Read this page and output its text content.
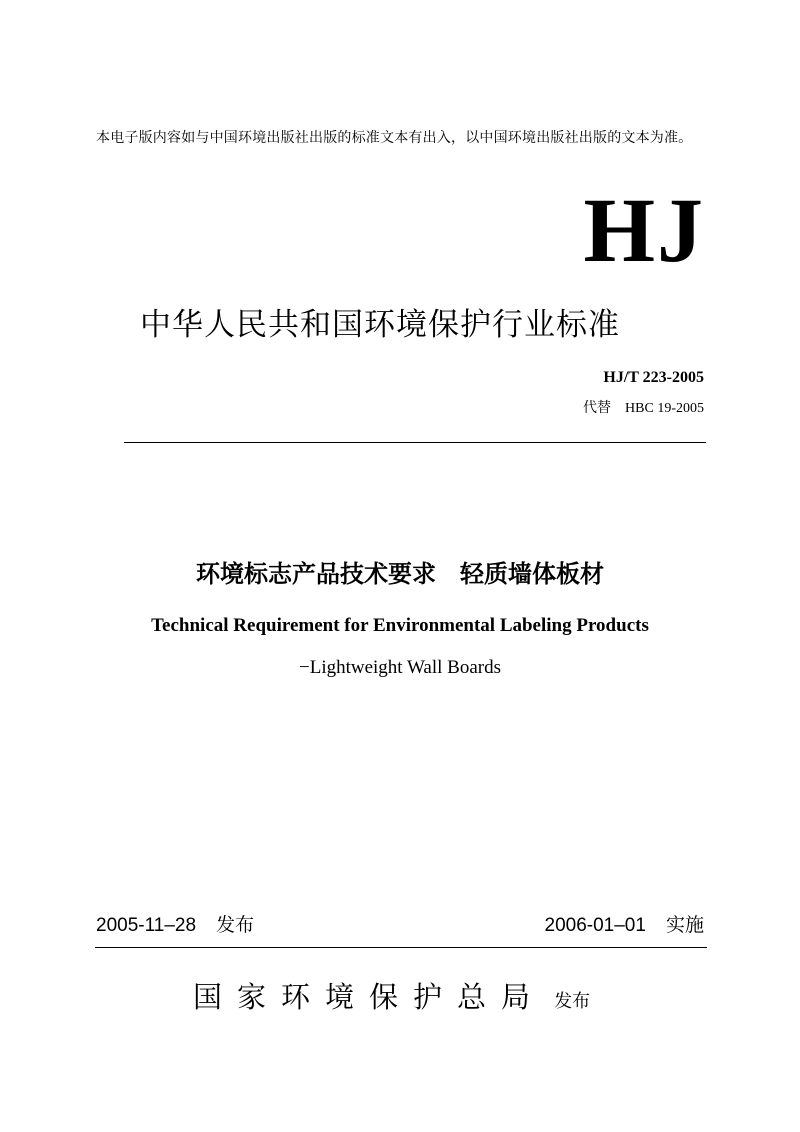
本电子版内容如与中国环境出版社出版的标准文本有出入，以中国环境出版社出版的文本为准。
HJ
中华人民共和国环境保护行业标准
HJ/T 223-2005
代替　HBC 19-2005
环境标志产品技术要求　轻质墙体板材
Technical Requirement for Environmental Labeling Products
−Lightweight Wall Boards
2005-11–28 发布	2006-01–01 实施
国家环境保护总局 发布
